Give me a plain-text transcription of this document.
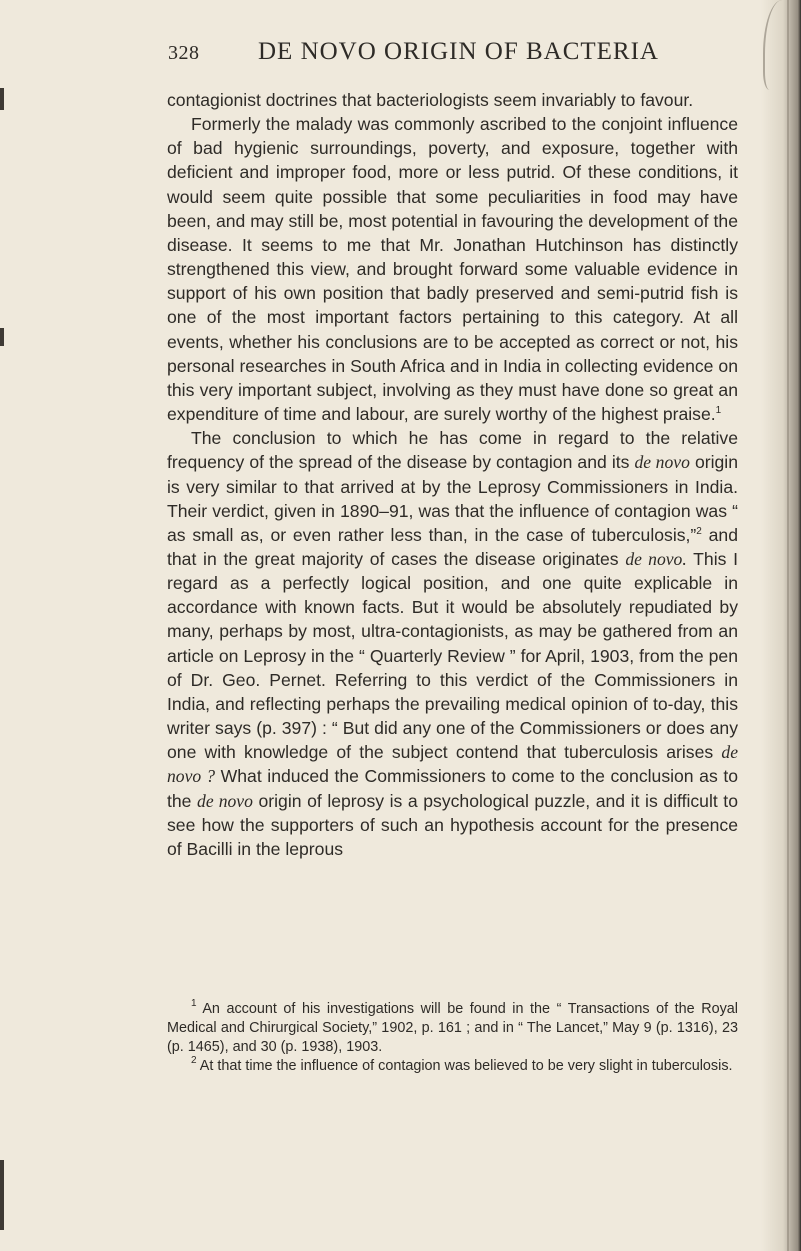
328 DE NOVO ORIGIN OF BACTERIA

contagionist doctrines that bacteriologists seem invariably to favour.

Formerly the malady was commonly ascribed to the conjoint influence of bad hygienic surroundings, poverty, and exposure, together with deficient and improper food, more or less putrid. Of these conditions, it would seem quite possible that some peculiarities in food may have been, and may still be, most potential in favouring the development of the disease. It seems to me that Mr. Jonathan Hutchinson has distinctly strengthened this view, and brought forward some valuable evidence in support of his own position that badly preserved and semi-putrid fish is one of the most important factors pertaining to this category. At all events, whether his conclusions are to be accepted as correct or not, his personal researches in South Africa and in India in collecting evidence on this very important subject, involving as they must have done so great an expenditure of time and labour, are surely worthy of the highest praise.$^1$

The conclusion to which he has come in regard to the relative frequency of the spread of the disease by contagion and its de novo origin is very similar to that arrived at by the Leprosy Commissioners in India. Their verdict, given in 1890–91, was that the influence of contagion was “ as small as, or even rather less than, in the case of tuberculosis,”$^2$ and that in the great majority of cases the disease originates de novo. This I regard as a perfectly logical position, and one quite explicable in accordance with known facts. But it would be absolutely repudiated by many, perhaps by most, ultra-contagionists, as may be gathered from an article on Leprosy in the “ Quarterly Review ” for April, 1903, from the pen of Dr. Geo. Pernet. Referring to this verdict of the Commissioners in India, and reflecting perhaps the prevailing medical opinion of to-day, this writer says (p. 397) : “ But did any one of the Commissioners or does any one with knowledge of the subject contend that tuberculosis arises de novo ? What induced the Commissioners to come to the conclusion as to the de novo origin of leprosy is a psychological puzzle, and it is difficult to see how the supporters of such an hypothesis account for the presence of Bacilli in the leprous

$^1$ An account of his investigations will be found in the “ Transactions of the Royal Medical and Chirurgical Society,” 1902, p. 161 ; and in “ The Lancet,” May 9 (p. 1316), 23 (p. 1465), and 30 (p. 1938), 1903.

$^2$ At that time the influence of contagion was believed to be very slight in tuberculosis.
